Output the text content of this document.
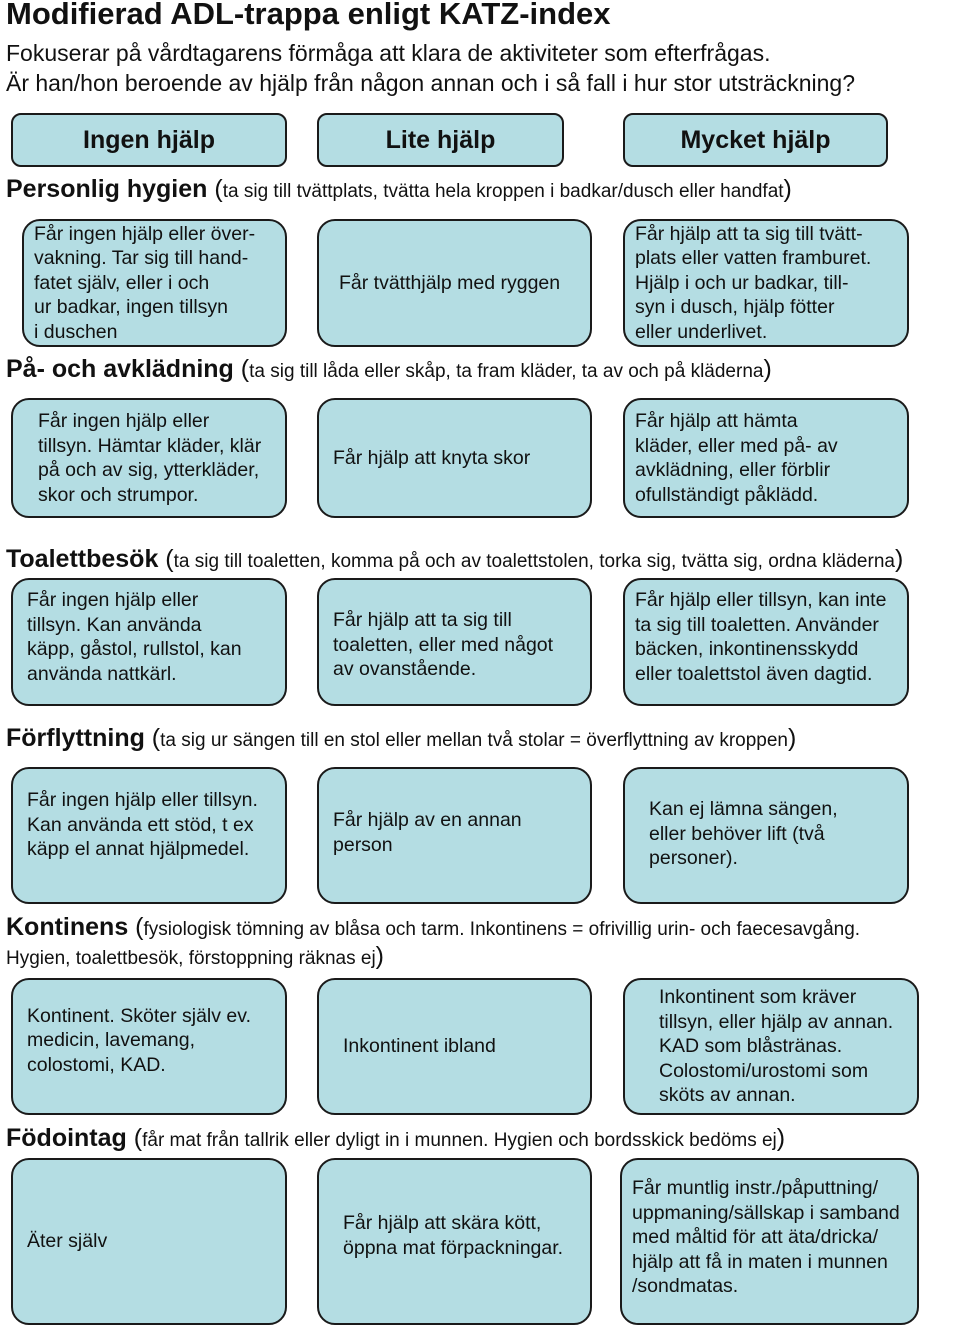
Modifierad ADL-trappa enligt KATZ-index
Fokuserar på vårdtagarens förmåga att klara de aktiviteter som efterfrågas.
Är han/hon beroende av hjälp från någon annan och i så fall i hur stor utsträckning?
Ingen hjälp	Lite hjälp	Mycket hjälp
Personlig hygien (ta sig till tvättplats, tvätta hela kroppen i badkar/dusch eller handfat)
Får ingen hjälp eller över-
vakning. Tar sig till hand-
fatet själv, eller i och
ur badkar, ingen tillsyn
i duschen
Får tvätthjälp med ryggen
Får hjälp att ta sig till tvätt-
plats eller vatten framburet.
Hjälp i och ur badkar, till-
syn i dusch, hjälp fötter
eller underlivet.
På- och avklädning (ta sig till låda eller skåp, ta fram kläder, ta av och på kläderna)
Får ingen hjälp eller
tillsyn. Hämtar kläder, klär
på och av sig, ytterkläder,
skor och strumpor.
Får hjälp att knyta skor
Får hjälp att hämta
kläder, eller med på- av
avklädning, eller förblir
ofullständigt påklädd.
Toalettbesök (ta sig till toaletten, komma på och av toalettstolen, torka sig, tvätta sig, ordna kläderna)
Får ingen hjälp eller
tillsyn. Kan använda
käpp, gåstol, rullstol, kan
använda nattkärl.
Får hjälp att ta sig till
toaletten, eller med något
av ovanstående.
Får hjälp eller tillsyn, kan inte
ta sig till toaletten. Använder
bäcken, inkontinensskydd
eller toalettstol även dagtid.
Förflyttning (ta sig ur sängen till en stol eller mellan två stolar = överflyttning av kroppen)
Får ingen hjälp eller tillsyn.
Kan använda ett stöd, t ex
käpp el annat hjälpmedel.
Får hjälp av en annan
person
Kan ej lämna sängen,
eller behöver lift (två
personer).
Kontinens (fysiologisk tömning av blåsa och tarm. Inkontinens = ofrivillig urin- och faecesavgång. Hygien, toalettbesök, förstoppning räknas ej)
Kontinent. Sköter själv ev.
medicin, lavemang,
colostomi, KAD.
Inkontinent ibland
Inkontinent som kräver
tillsyn, eller hjälp av annan.
KAD som blåstränas.
Colostomi/urostomi som
sköts av annan.
Födointag (får mat från tallrik eller dyligt in i munnen. Hygien och bordsskick bedöms ej)
Äter själv
Får hjälp att skära kött,
öppna mat förpackningar.
Får muntlig instr./påputtning/
uppmaning/sällskap i samband
med måltid för att äta/dricka/
hjälp att få in maten i munnen
/sondmatas.
